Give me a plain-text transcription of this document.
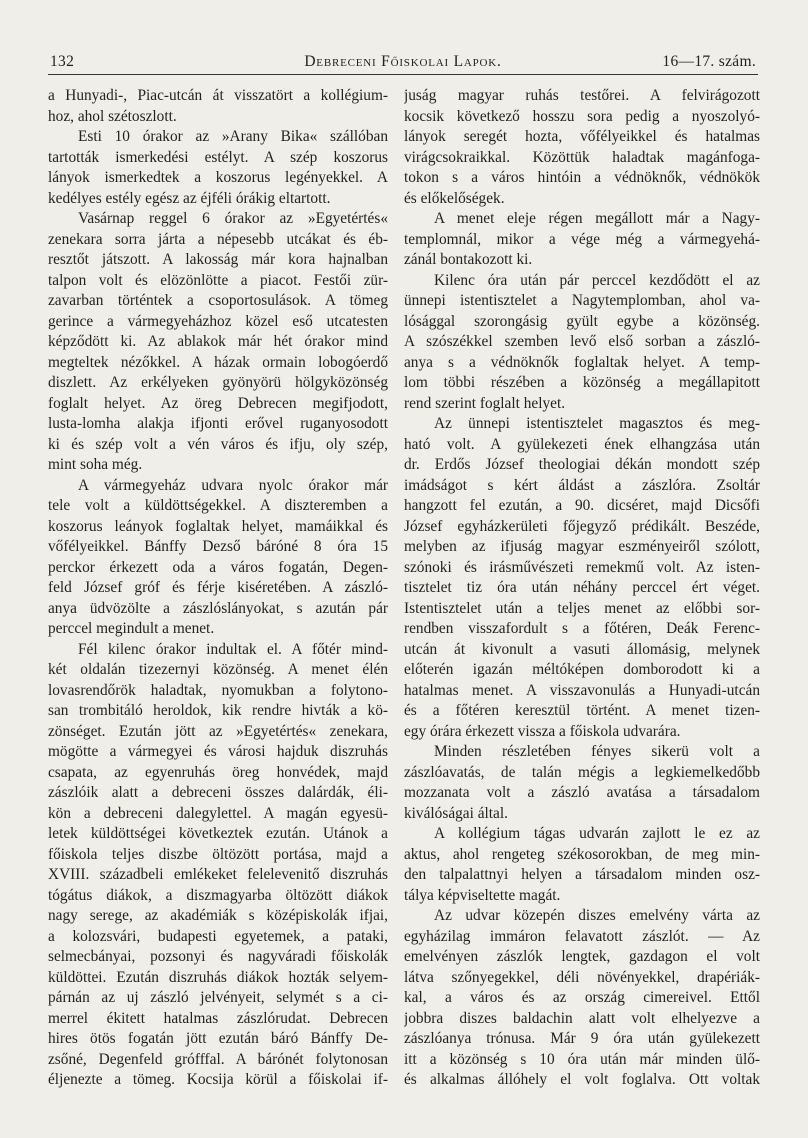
132	Debreceni Főiskolai Lapok.	16—17. szám.
a Hunyadi-, Piac-utcán át visszatört a kollégium-
hoz, ahol szétoszlott.
Esti 10 órakor az »Arany Bika« szállóban
tartották ismerkedési estélyt. A szép koszorus
lányok ismerkedtek a koszorus legényekkel. A
kedélyes estély egész az éjféli órákig eltartott.
Vasárnap reggel 6 órakor az »Egyetértés«
zenekara sorra járta a népesebb utcákat és éb-
resztőt játszott. A lakosság már kora hajnalban
talpon volt és elözönlötte a piacot. Festői zür-
zavarban történtek a csoportosulások. A tömeg
gerince a vármegyeházhoz közel eső utcatesten
képződött ki. Az ablakok már hét órakor mind
megteltek nézőkkel. A házak ormain lobogóerdő
diszlett. Az erkélyeken gyönyörü hölgyközönség
foglalt helyet. Az öreg Debrecen megifjodott,
lusta-lomha alakja ifjonti erővel ruganyosodott
ki és szép volt a vén város és ifju, oly szép,
mint soha még.
A vármegyeház udvara nyolc órakor már
tele volt a küldöttségekkel. A diszteremben a
koszorus leányok foglaltak helyet, mamáikkal és
vőfélyeikkel. Bánffy Dezső báróné 8 óra 15
perckor érkezett oda a város fogatán, Degen-
feld József gróf és férje kiséretében. A zászló-
anya üdvözölte a zászlóslányokat, s azután pár
perccel megindult a menet.
Fél kilenc órakor indultak el. A főtér mind-
két oldalán tizezernyi közönség. A menet élén
lovasrendőrök haladtak, nyomukban a folytono-
san trombitáló heroldok, kik rendre hivták a kö-
zönséget. Ezután jött az »Egyetértés« zenekara,
mögötte a vármegyei és városi hajduk diszruhás
csapata, az egyenruhás öreg honvédek, majd
zászlóik alatt a debreceni összes dalárdák, éli-
kön a debreceni dalegylettel. A magán egyesü-
letek küldöttségei következtek ezután. Utánok a
főiskola teljes diszbe öltözött portása, majd a
XVIII. századbeli emlékeket felelevenitő diszruhás
tógátus diákok, a diszmagyarba öltözött diákok
nagy serege, az akadémiák s középiskolák ifjai,
a kolozsvári, budapesti egyetemek, a pataki,
selmecbányai, pozsonyi és nagyváradi főiskolák
küldöttei. Ezután diszruhás diákok hozták selyem-
párnán az uj zászló jelvényeit, selymét s a ci-
merrel ékitett hatalmas zászlórudat. Debrecen
hires ötös fogatán jött ezután báró Bánffy De-
zsőné, Degenfeld grófffal. A bárónét folytonosan
éljenezte a tömeg. Kocsija körül a főiskolai if-
juság magyar ruhás testőrei. A felvirágozott
kocsik következő hosszu sora pedig a nyoszolyó-
lányok seregét hozta, vőfélyeikkel és hatalmas
virágcsokraikkal. Közöttük haladtak magánfoga-
tokon s a város hintóin a védnöknők, védnökök
és előkelőségek.
A menet eleje régen megállott már a Nagy-
templomnál, mikor a vége még a vármegyehá-
zánál bontakozott ki.
Kilenc óra után pár perccel kezdődött el az
ünnepi istentisztelet a Nagytemplomban, ahol va-
lósággal szorongásig gyült egybe a közönség.
A szószékkel szemben levő első sorban a zászló-
anya s a védnöknők foglaltak helyet. A temp-
lom többi részében a közönség a megállapitott
rend szerint foglalt helyet.
Az ünnepi istentisztelet magasztos és meg-
ható volt. A gyülekezeti ének elhangzása után
dr. Erdős József theologiai dékán mondott szép
imádságot s kért áldást a zászlóra. Zsoltár
hangzott fel ezután, a 90. dicséret, majd Dicsőfi
József egyházkerületi főjegyző prédikált. Beszéde,
melyben az ifjuság magyar eszményeiről szólott,
szónoki és irásművészeti remekmű volt. Az isten-
tisztelet tiz óra után néhány perccel ért véget.
Istentisztelet után a teljes menet az előbbi sor-
rendben visszafordult s a főtéren, Deák Ferenc-
utcán át kivonult a vasuti állomásig, melynek
előterén igazán méltóképen domborodott ki a
hatalmas menet. A visszavonulás a Hunyadi-utcán
és a főtéren keresztül történt. A menet tizen-
egy órára érkezett vissza a főiskola udvarára.
Minden részletében fényes sikerü volt a
zászlóavatás, de talán mégis a legkiemelkedőbb
mozzanata volt a zászló avatása a társadalom
kiválóságai által.
A kollégium tágas udvarán zajlott le ez az
aktus, ahol rengeteg székosorokban, de meg min-
den talpalattnyi helyen a társadalom minden osz-
tálya képviseltette magát.
Az udvar közepén diszes emelvény várta az
egyházilag immáron felavatott zászlót. — Az
emelvényen zászlók lengtek, gazdagon el volt
látva szőnyegekkel, déli növényekkel, drapériák-
kal, a város és az ország cimereivel. Ettől
jobbra diszes baldachin alatt volt elhelyezve a
zászlóanya trónusa. Már 9 óra után gyülekezett
itt a közönség s 10 óra után már minden ülő-
és alkalmas állóhely el volt foglalva. Ott voltak
